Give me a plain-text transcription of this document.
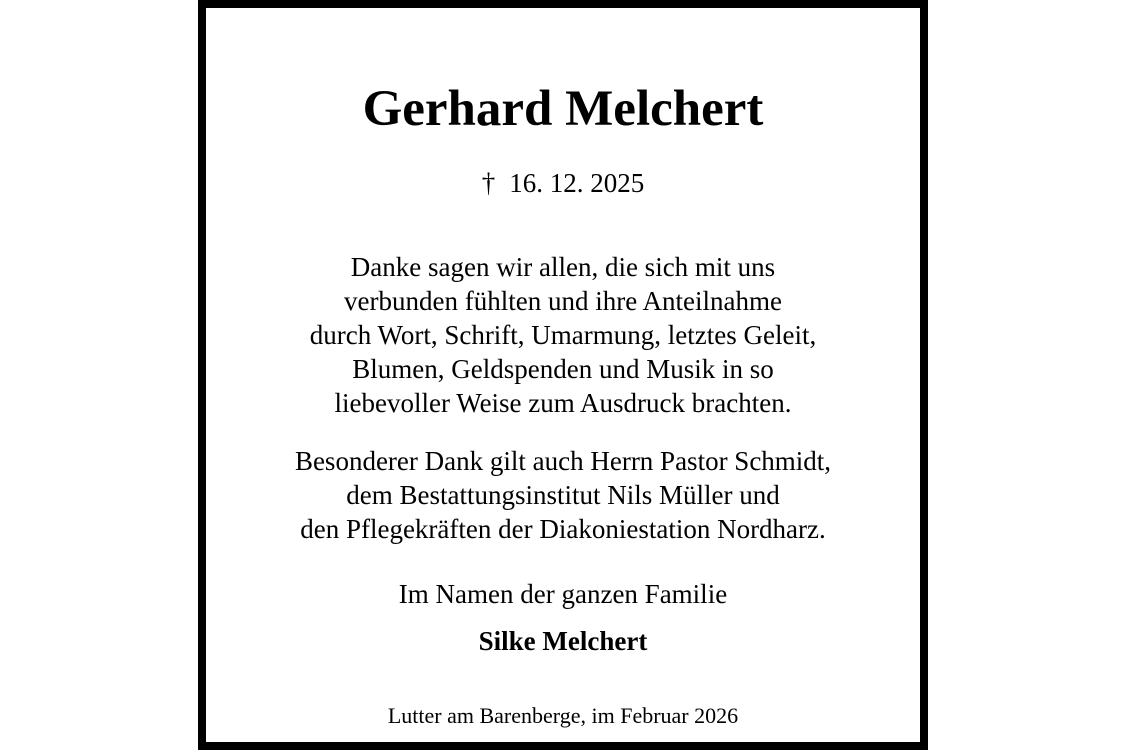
Gerhard Melchert
† 16. 12. 2025
Danke sagen wir allen, die sich mit uns
verbunden fühlten und ihre Anteilnahme
durch Wort, Schrift, Umarmung, letztes Geleit,
Blumen, Geldspenden und Musik in so
liebevoller Weise zum Ausdruck brachten.
Besonderer Dank gilt auch Herrn Pastor Schmidt,
dem Bestattungsinstitut Nils Müller und
den Pflegekräften der Diakoniestation Nordharz.
Im Namen der ganzen Familie
Silke Melchert
Lutter am Barenberge, im Februar 2026
